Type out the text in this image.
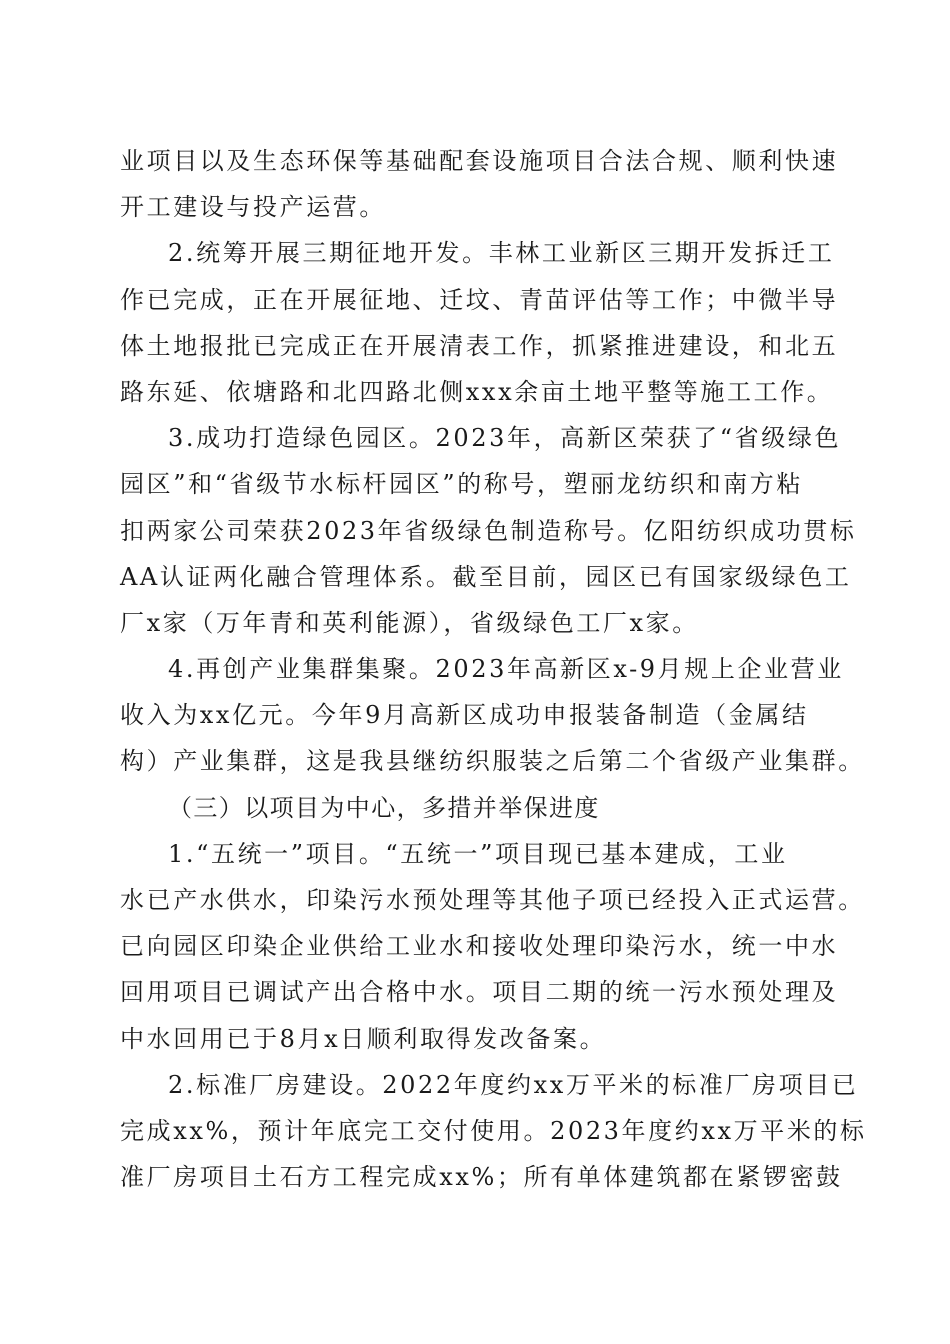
业项目以及生态环保等基础配套设施项目合法合规、顺利快速
开工建设与投产运营。
2.统筹开展三期征地开发。丰林工业新区三期开发拆迁工
作已完成，正在开展征地、迁坟、青苗评估等工作；中微半导
体土地报批已完成正在开展清表工作，抓紧推进建设，和北五
路东延、依塘路和北四路北侧xxx余亩土地平整等施工工作。
3.成功打造绿色园区。2023年，高新区荣获了“省级绿色
园区”和“省级节水标杆园区”的称号，塑丽龙纺织和南方粘
扣两家公司荣获2023年省级绿色制造称号。亿阳纺织成功贯标
AA认证两化融合管理体系。截至目前，园区已有国家级绿色工
厂x家（万年青和英利能源），省级绿色工厂x家。
4.再创产业集群集聚。2023年高新区x-9月规上企业营业
收入为xx亿元。今年9月高新区成功申报装备制造（金属结
构）产业集群，这是我县继纺织服装之后第二个省级产业集群。
（三）以项目为中心，多措并举保进度
1.“五统一”项目。“五统一”项目现已基本建成，工业
水已产水供水，印染污水预处理等其他子项已经投入正式运营。
已向园区印染企业供给工业水和接收处理印染污水，统一中水
回用项目已调试产出合格中水。项目二期的统一污水预处理及
中水回用已于8月x日顺利取得发改备案。
2.标准厂房建设。2022年度约xx万平米的标准厂房项目已
完成xx%，预计年底完工交付使用。2023年度约xx万平米的标
准厂房项目土石方工程完成xx%；所有单体建筑都在紧锣密鼓
